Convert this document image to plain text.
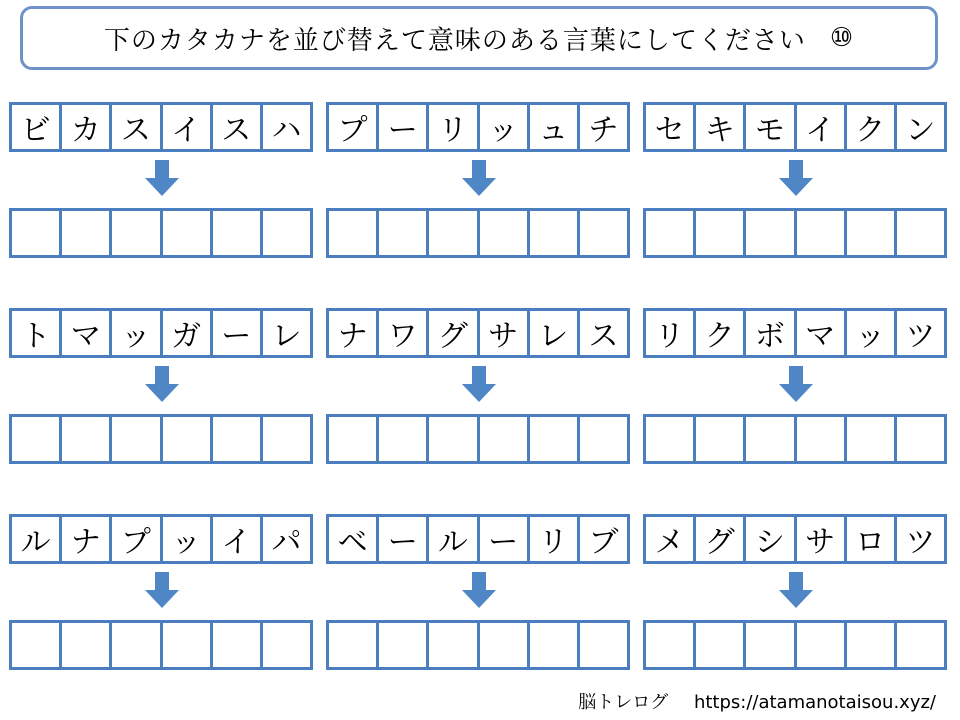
下のカタカナを並び替えて意味のある言葉にしてください ⑩
ビ カ ス イ ス ハ プ ー リ ッ ュ チ セ キ モ イ ク ン
ト マ ッ ガ ー レ ナ ワ グ サ レ ス リ ク ボ マ ッ ツ
ル ナ プ ッ イ パ ベ ー ル ー リ ブ メ グ シ サ ロ ツ
脳トレログ https://atamanotaisou.xyz/
